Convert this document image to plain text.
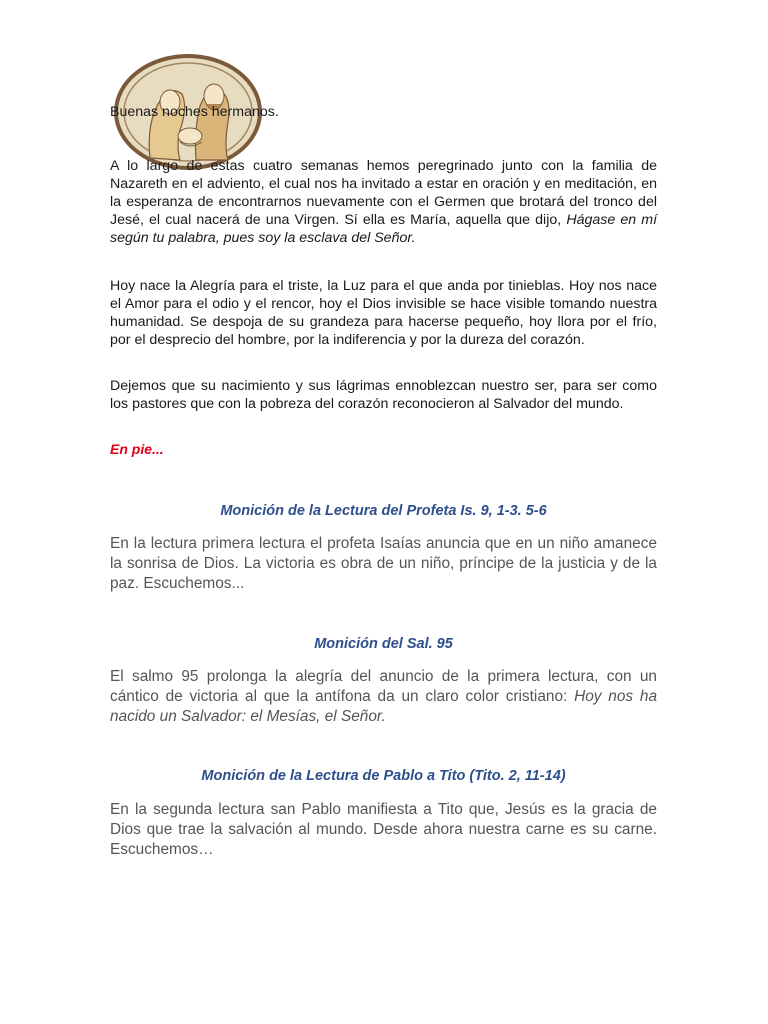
Buenas noches hermanos.

A lo largo de estas cuatro semanas hemos peregrinado junto con la familia de Nazareth en el adviento, el cual nos ha invitado a estar en oración y en meditación, en la esperanza de encontrarnos nuevamente con el Germen que brotará del tronco del Jesé, el cual nacerá de una Virgen. Sí ella es María, aquella que dijo, Hágase en mí según tu palabra, pues soy la esclava del Señor.

Hoy nace la Alegría para el triste, la Luz para el que anda por tinieblas. Hoy nos nace el Amor para el odio y el rencor, hoy el Dios invisible se hace visible tomando nuestra humanidad. Se despoja de su grandeza para hacerse pequeño, hoy llora por el frío, por el desprecio del hombre, por la indiferencia y por la dureza del corazón.

Dejemos que su nacimiento y sus lágrimas ennoblezcan nuestro ser, para ser como los pastores que con la pobreza del corazón reconocieron al Salvador del mundo.

En pie...
Monición de la Lectura del Profeta Is. 9, 1-3. 5-6

En la lectura primera lectura el profeta Isaías anuncia que en un niño amanece la sonrisa de Dios. La victoria es obra de un niño, príncipe de la justicia y de la paz. Escuchemos...

Monición del Sal. 95

El salmo 95 prolonga la alegría del anuncio de la primera lectura, con un cántico de victoria al que la antífona da un claro color cristiano: Hoy nos ha nacido un Salvador: el Mesías, el Señor.

Monición de la Lectura de Pablo a Tito (Tito. 2, 11-14)

En la segunda lectura san Pablo manifiesta a Tito que, Jesús es la gracia de Dios que trae la salvación al mundo. Desde ahora nuestra carne es su carne. Escuchemos…
